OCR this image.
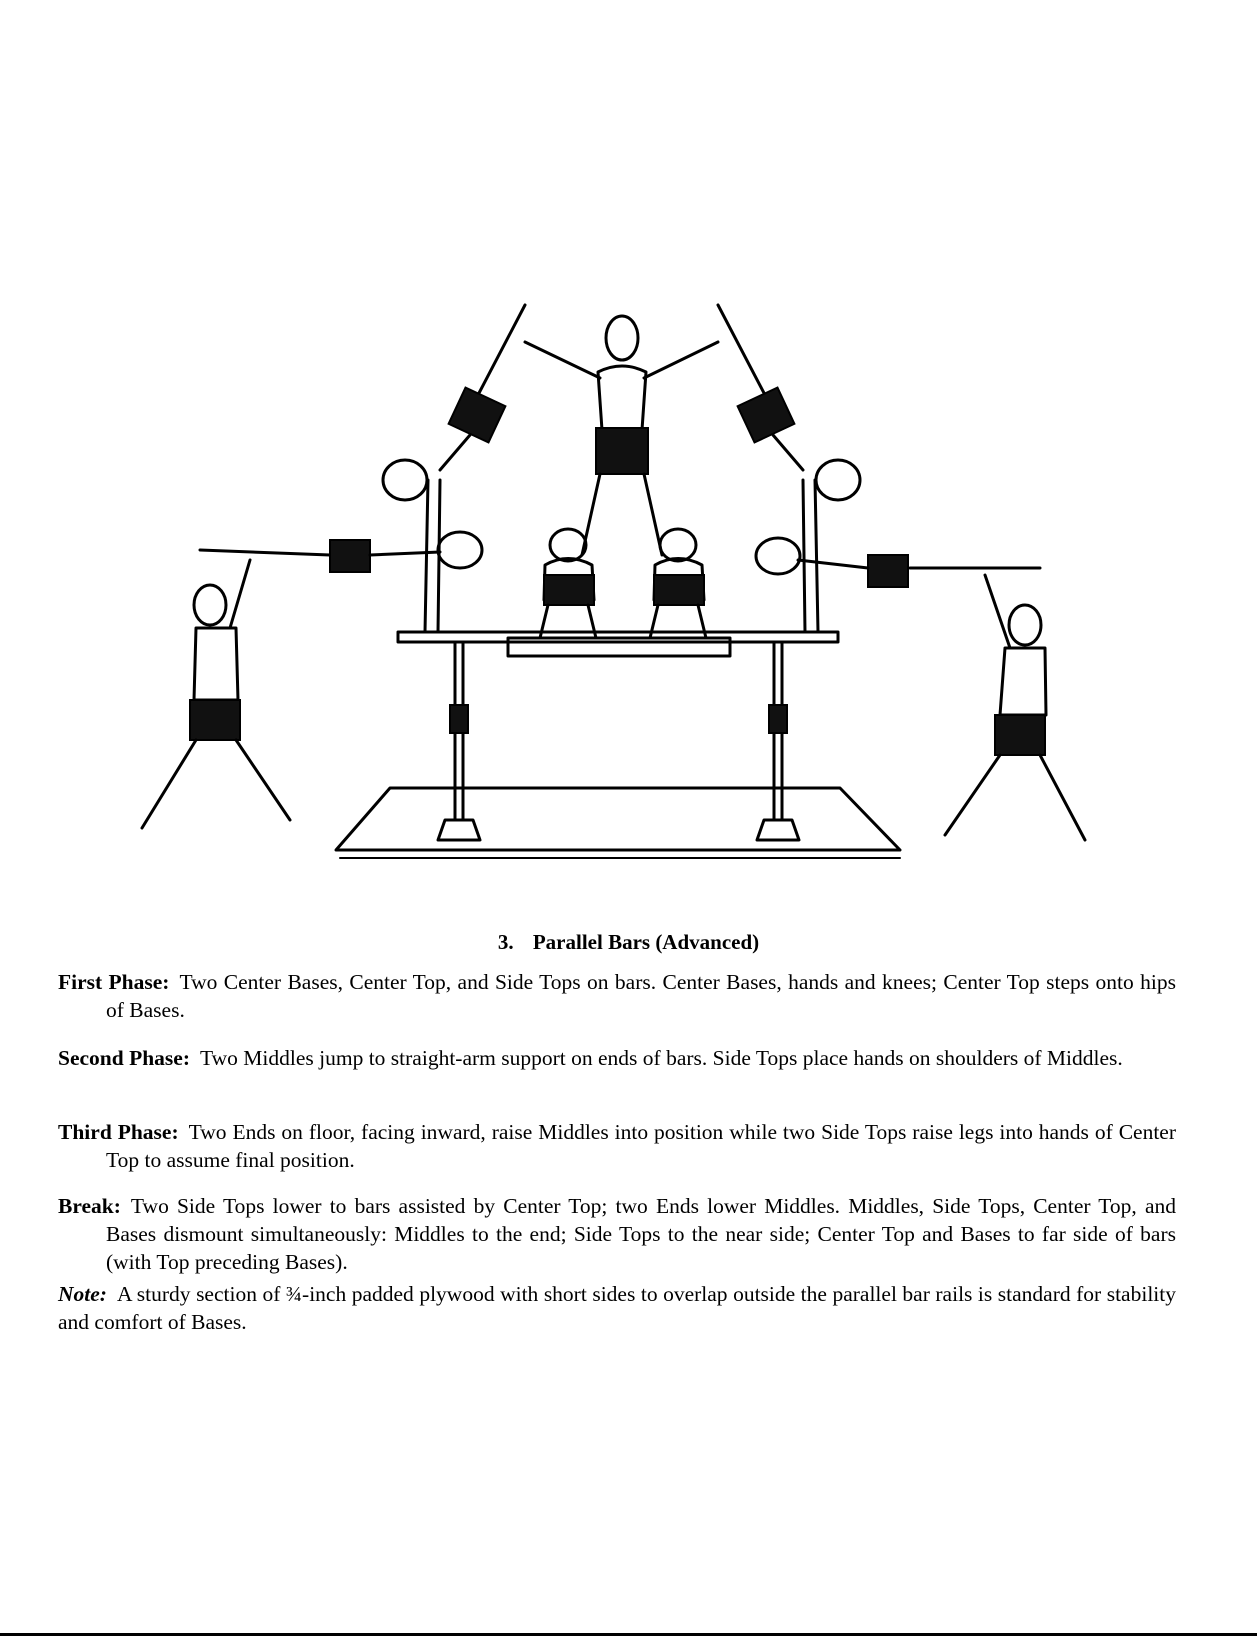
3. Parallel Bars (Advanced)

First Phase: Two Center Bases, Center Top, and Side Tops on bars. Center Bases, hands and knees; Center Top steps onto hips of Bases.

Second Phase: Two Middles jump to straight-arm support on ends of bars. Side Tops place hands on shoulders of Middles.

Third Phase: Two Ends on floor, facing inward, raise Middles into position while two Side Tops raise legs into hands of Center Top to assume final position.

Break: Two Side Tops lower to bars assisted by Center Top; two Ends lower Middles. Middles, Side Tops, Center Top, and Bases dismount simultaneously: Middles to the end; Side Tops to the near side; Center Top and Bases to far side of bars (with Top preceding Bases).

Note: A sturdy section of ¾-inch padded plywood with short sides to overlap outside the parallel bar rails is standard for stability and comfort of Bases.
